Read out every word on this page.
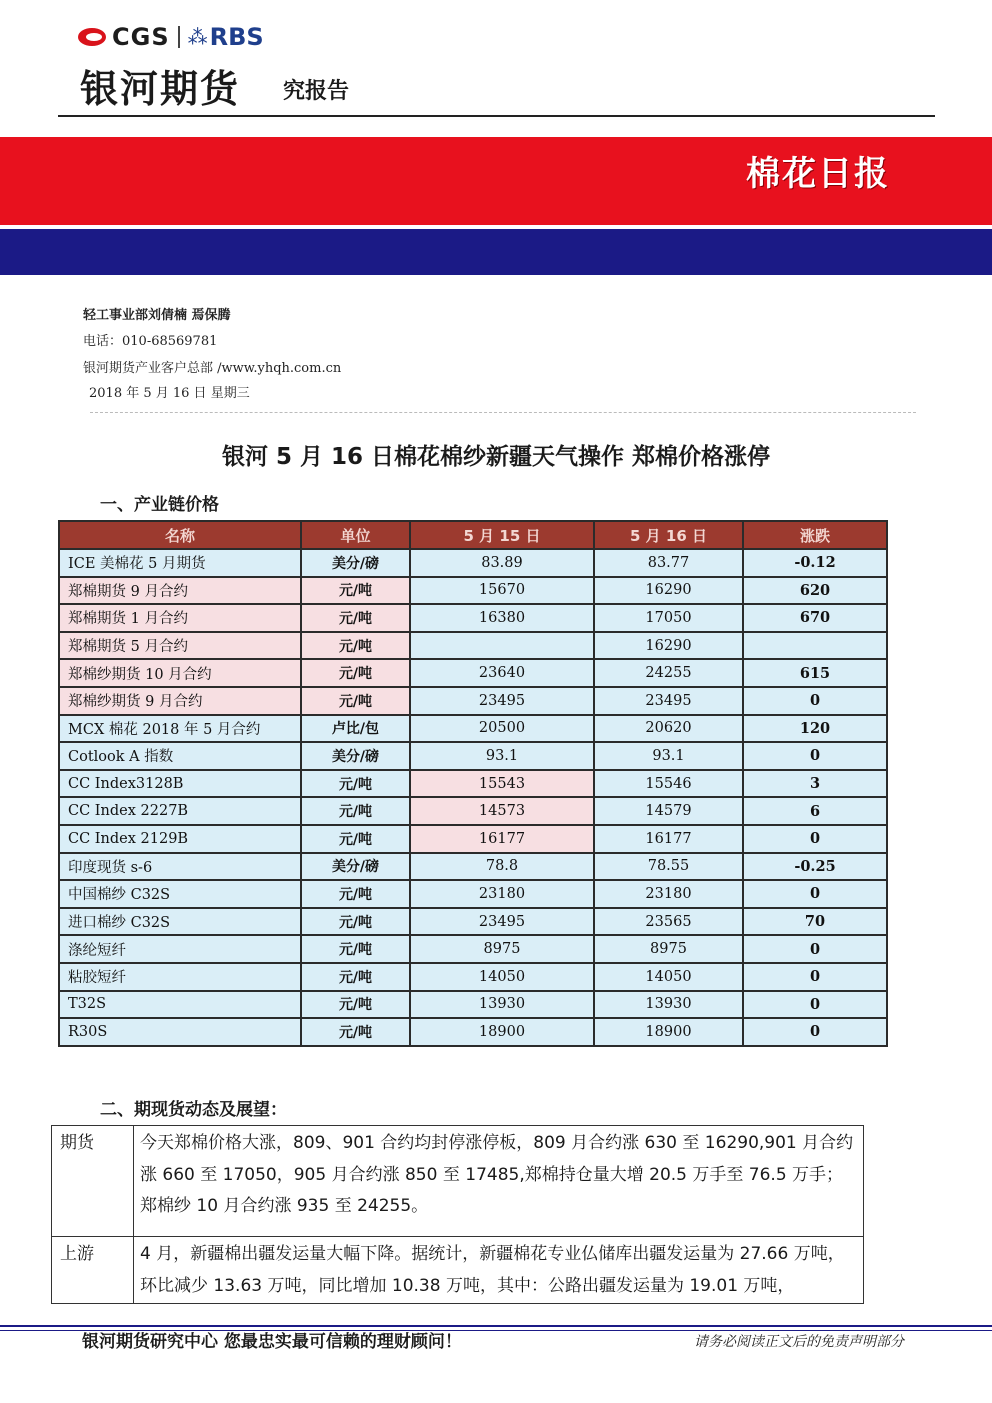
CGS ⁂ RBS
银河期货 究报告
棉花日报
轻工事业部刘倩楠 焉保腾
电话：010-68569781
银河期货产业客户总部 /www.yhqh.com.cn
2018 年 5 月 16 日 星期三
银河 5 月 16 日棉花棉纱新疆天气操作 郑棉价格涨停
一、产业链价格
名称	单位	5 月 15 日	5 月 16 日	涨跌
ICE 美棉花 5 月期货	美分/磅	83.89	83.77	-0.12
郑棉期货 9 月合约	元/吨	15670	16290	620
郑棉期货 1 月合约	元/吨	16380	17050	670
郑棉期货 5 月合约	元/吨		16290	
郑棉纱期货 10 月合约	元/吨	23640	24255	615
郑棉纱期货 9 月合约	元/吨	23495	23495	0
MCX 棉花 2018 年 5 月合约	卢比/包	20500	20620	120
Cotlook A 指数	美分/磅	93.1	93.1	0
CC Index3128B	元/吨	15543	15546	3
CC Index 2227B	元/吨	14573	14579	6
CC Index 2129B	元/吨	16177	16177	0
印度现货 s-6	美分/磅	78.8	78.55	-0.25
中国棉纱 C32S	元/吨	23180	23180	0
进口棉纱 C32S	元/吨	23495	23565	70
涤纶短纤	元/吨	8975	8975	0
粘胶短纤	元/吨	14050	14050	0
T32S	元/吨	13930	13930	0
R30S	元/吨	18900	18900	0
二、期现货动态及展望：
期货	今天郑棉价格大涨，809、901 合约均封停涨停板，809 月合约涨 630 至 16290,901 月合约涨 660 至 17050，905 月合约涨 850 至 17485,郑棉持仓量大增 20.5 万手至 76.5 万手；郑棉纱 10 月合约涨 935 至 24255。
上游	4 月，新疆棉出疆发运量大幅下降。据统计，新疆棉花专业仏储库出疆发运量为 27.66 万吨，环比减少 13.63 万吨，同比增加 10.38 万吨，其中：公路出疆发运量为 19.01 万吨，
银河期货研究中心 您最忠实最可信赖的理财顾问！	请务必阅读正文后的免责声明部分
